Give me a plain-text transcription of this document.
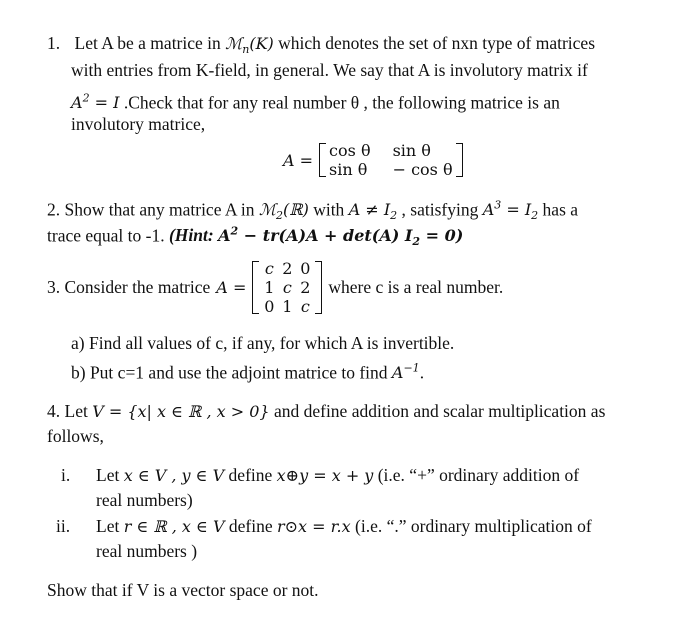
1. Let A be a matrice in ℳ$_n$(K) which denotes the set of nxn type of matrices
with entries from K-field, in general. We say that A is involutory matrix if
$A^2 = I$ .Check that for any real number θ , the following matrice is an
involutory matrice,
A = cos θ sin θ
sin θ − cos θ
2. Show that any matrice A in ℳ$_2$(ℝ) with $A \ne I_2$ , satisfying $A^3 = I_2$ has a
trace equal to -1. (Hint: $A^2 - tr(A)A + \det(A) I_2 = 0$)
3. Consider the matrice A =
c 2 0
1 c 2
0 1 c
where c is a real number.
a) Find all values of c, if any, for which A is invertible.
b) Put c=1 and use the adjoint matrice to find $A^{-1}$.
4. Let V = {x| x ∈ ℝ , x > 0} and define addition and scalar multiplication as
follows,
i. Let x ∈ V , y ∈ V define x⊕y = x + y (i.e. “+” ordinary addition of
real numbers)
ii. Let r ∈ ℝ , x ∈ V define r⊙x = r.x (i.e. “.” ordinary multiplication of
real numbers )
Show that if V is a vector space or not.
